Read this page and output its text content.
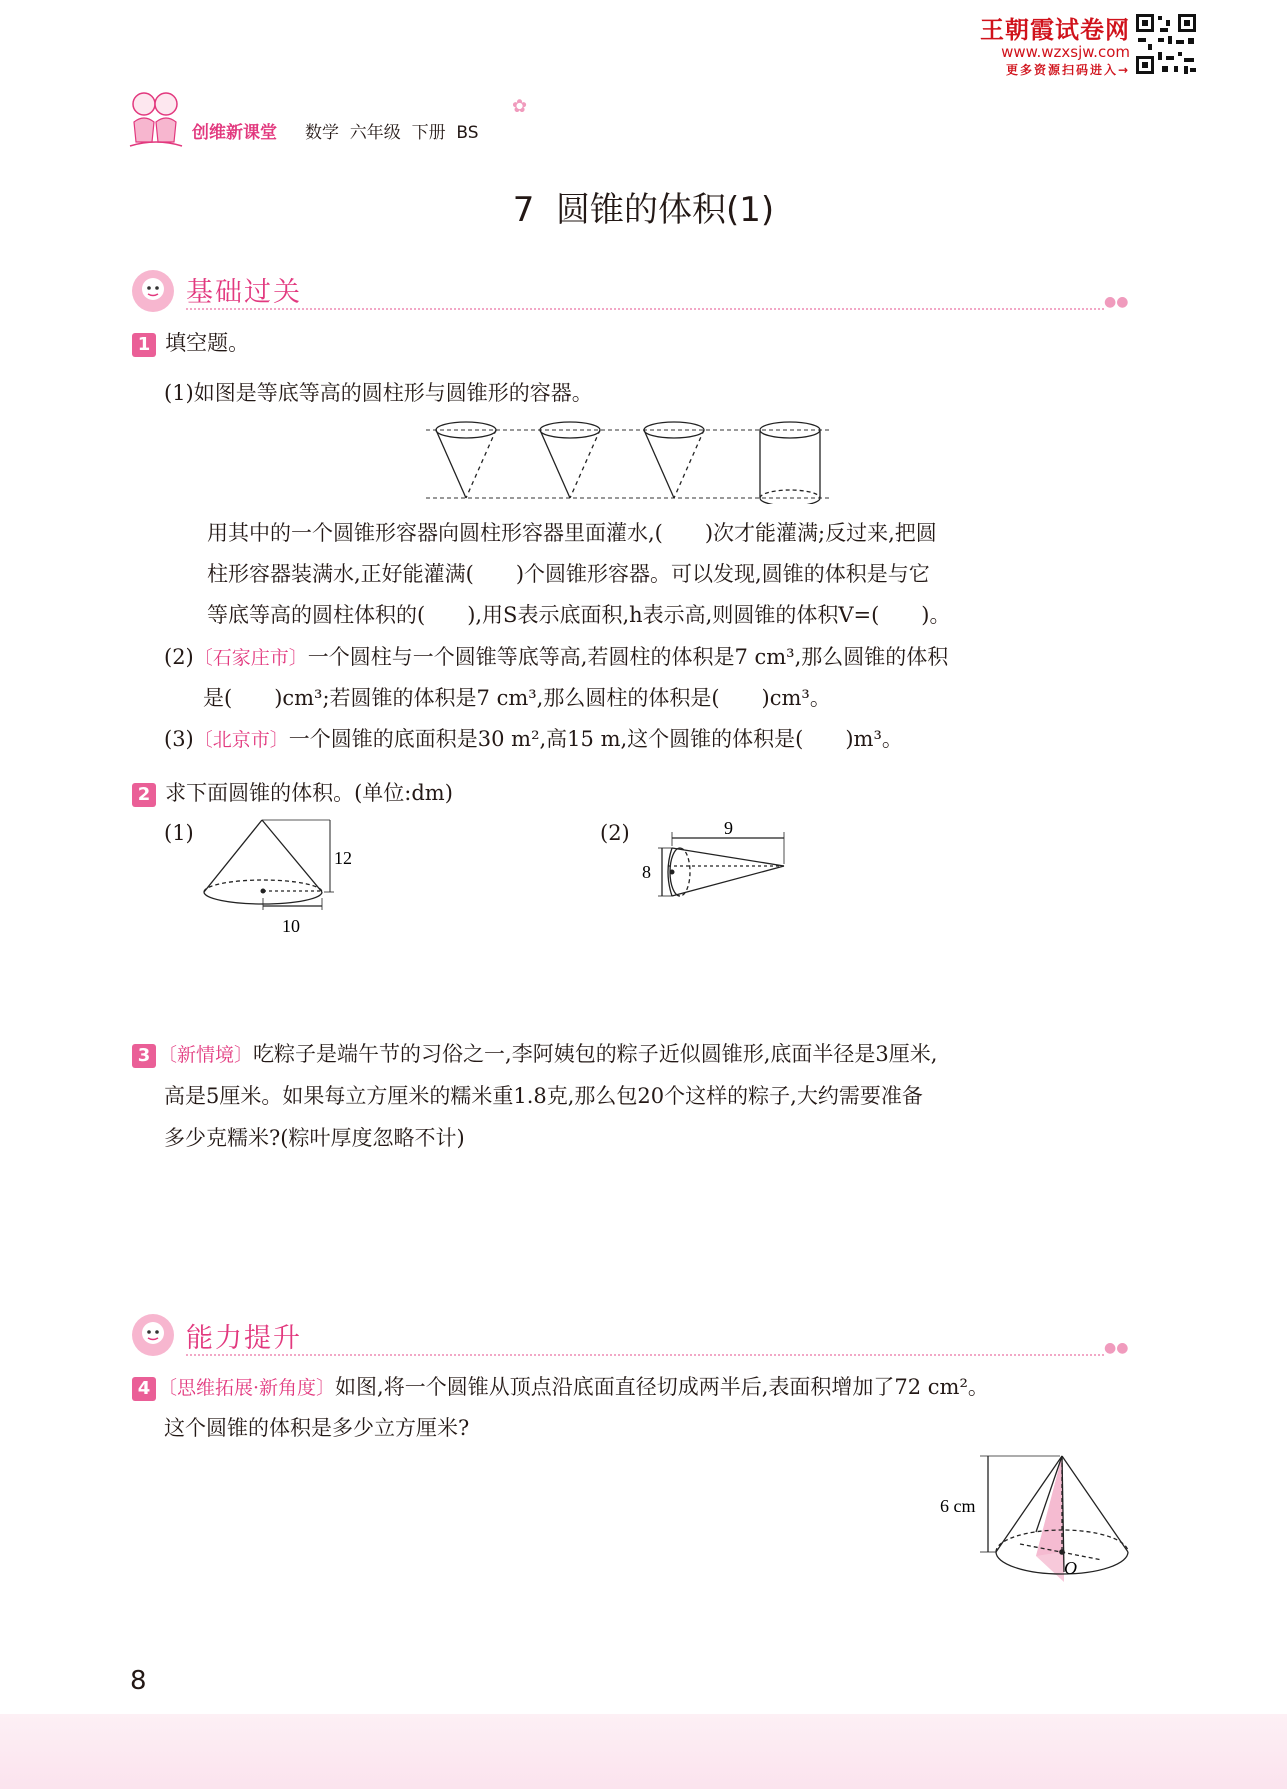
王朝霞试卷网
www.wzxsjw.com
更多资源扫码进入→
✿
创维新课堂 数学  六年级  下册  BS
7  圆锥的体积(1)
基础过关	●●
1 填空题。
(1)如图是等底等高的圆柱形与圆锥形的容器。
用其中的一个圆锥形容器向圆柱形容器里面灌水,(　　)次才能灌满;反过来,把圆
柱形容器装满水,正好能灌满(　　)个圆锥形容器。可以发现,圆锥的体积是与它
等底等高的圆柱体积的(　　),用S表示底面积,h表示高,则圆锥的体积V=(　　)。
(2)〔石家庄市〕一个圆柱与一个圆锥等底等高,若圆柱的体积是7 cm³,那么圆锥的体积
是(　　)cm³;若圆锥的体积是7 cm³,那么圆柱的体积是(　　)cm³。
(3)〔北京市〕一个圆锥的底面积是30 m²,高15 m,这个圆锥的体积是(　　)m³。
2 求下面圆锥的体积。(单位:dm)
(1)	(2)
12
10
9
8
3 〔新情境〕吃粽子是端午节的习俗之一,李阿姨包的粽子近似圆锥形,底面半径是3厘米,
高是5厘米。如果每立方厘米的糯米重1.8克,那么包20个这样的粽子,大约需要准备
多少克糯米?(粽叶厚度忽略不计)
能力提升	●●
4 〔思维拓展·新角度〕如图,将一个圆锥从顶点沿底面直径切成两半后,表面积增加了72 cm²。
这个圆锥的体积是多少立方厘米?
6 cm
O
8
